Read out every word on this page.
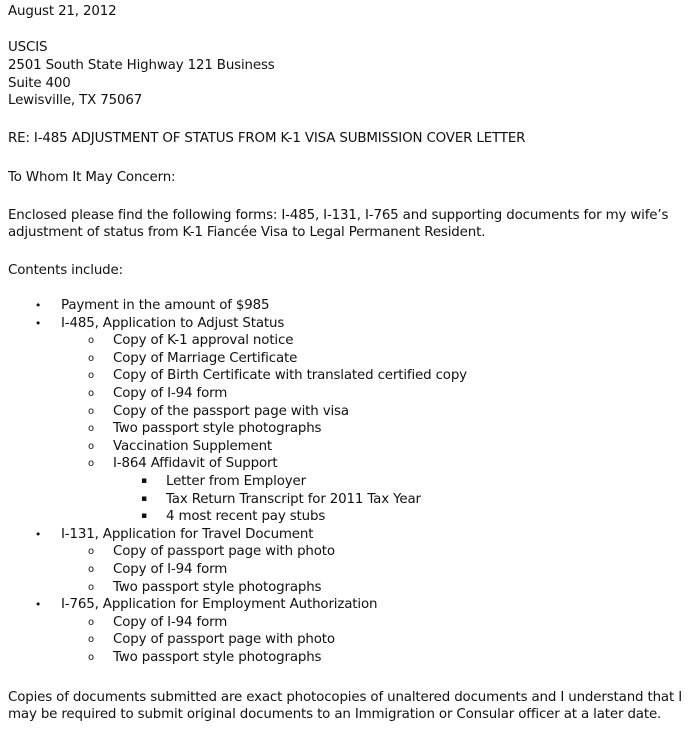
August 21, 2012
USCIS
2501 South State Highway 121 Business
Suite 400
Lewisville, TX 75067
RE: I-485 ADJUSTMENT OF STATUS FROM K-1 VISA SUBMISSION COVER LETTER
To Whom It May Concern:
Enclosed please find the following forms: I-485, I-131, I-765 and supporting documents for my wife’s
adjustment of status from K-1 Fiancée Visa to Legal Permanent Resident.
Contents include:
• Payment in the amount of $985
• I-485, Application to Adjust Status
o Copy of K-1 approval notice
o Copy of Marriage Certificate
o Copy of Birth Certificate with translated certified copy
o Copy of I-94 form
o Copy of the passport page with visa
o Two passport style photographs
o Vaccination Supplement
o I-864 Affidavit of Support
▪ Letter from Employer
▪ Tax Return Transcript for 2011 Tax Year
▪ 4 most recent pay stubs
• I-131, Application for Travel Document
o Copy of passport page with photo
o Copy of I-94 form
o Two passport style photographs
• I-765, Application for Employment Authorization
o Copy of I-94 form
o Copy of passport page with photo
o Two passport style photographs
Copies of documents submitted are exact photocopies of unaltered documents and I understand that I
may be required to submit original documents to an Immigration or Consular officer at a later date.
